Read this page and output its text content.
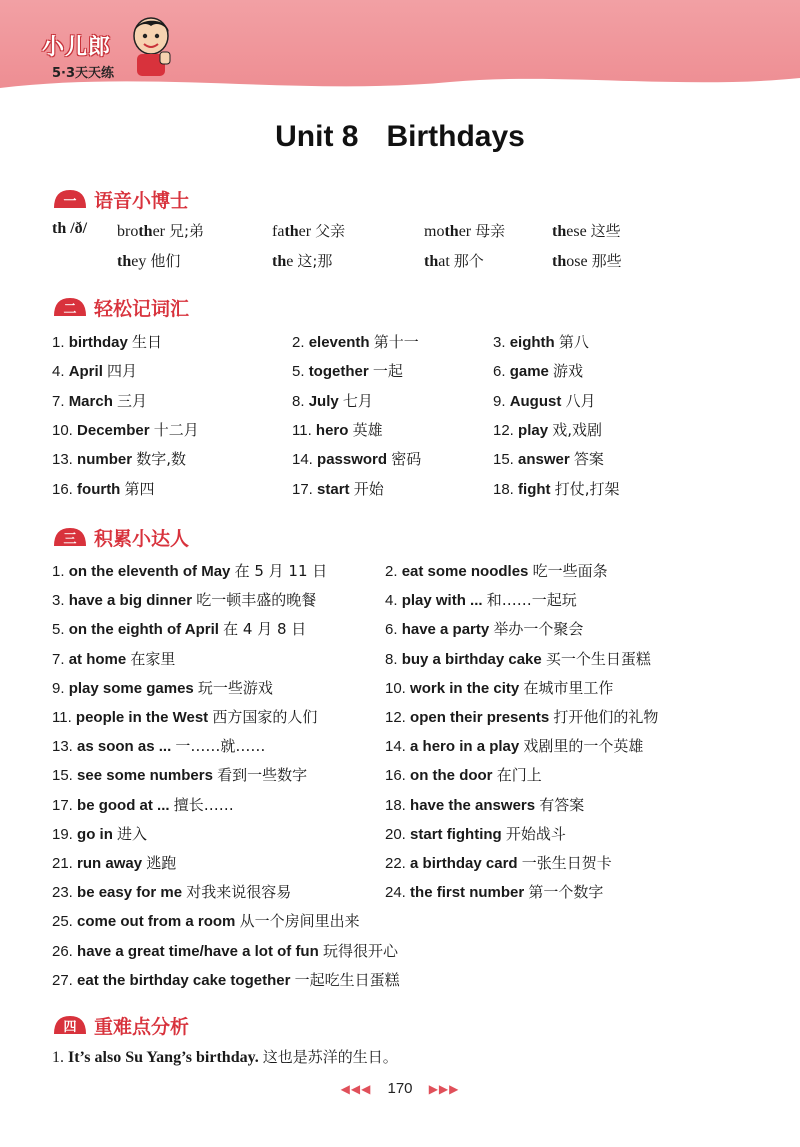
小儿郎
5·3天天练
Unit 8 Birthdays
一 语音小博士
th /ð/ brother 兄;弟	father 父亲	mother 母亲	these 这些
they 他们	the 这;那	that 那个	those 那些
二 轻松记词汇
1. birthday 生日	2. eleventh 第十一	3. eighth 第八
4. April 四月	5. together 一起	6. game 游戏
7. March 三月	8. July 七月	9. August 八月
10. December 十二月	11. hero 英雄	12. play 戏,戏剧
13. number 数字,数	14. password 密码	15. answer 答案
16. fourth 第四	17. start 开始	18. fight 打仗,打架
三 积累小达人
1. on the eleventh of May 在 5 月 11 日	2. eat some noodles 吃一些面条
3. have a big dinner 吃一顿丰盛的晚餐	4. play with ... 和……一起玩
5. on the eighth of April 在 4 月 8 日	6. have a party 举办一个聚会
7. at home 在家里	8. buy a birthday cake 买一个生日蛋糕
9. play some games 玩一些游戏	10. work in the city 在城市里工作
11. people in the West 西方国家的人们	12. open their presents 打开他们的礼物
13. as soon as ... 一……就……	14. a hero in a play 戏剧里的一个英雄
15. see some numbers 看到一些数字	16. on the door 在门上
17. be good at ... 擅长……	18. have the answers 有答案
19. go in 进入	20. start fighting 开始战斗
21. run away 逃跑	22. a birthday card 一张生日贺卡
23. be easy for me 对我来说很容易	24. the first number 第一个数字
25. come out from a room 从一个房间里出来
26. have a great time/have a lot of fun 玩得很开心
27. eat the birthday cake together 一起吃生日蛋糕
四 重难点分析
1. It’s also Su Yang’s birthday. 这也是苏洋的生日。
◀◀◀ 170 ▶▶▶
